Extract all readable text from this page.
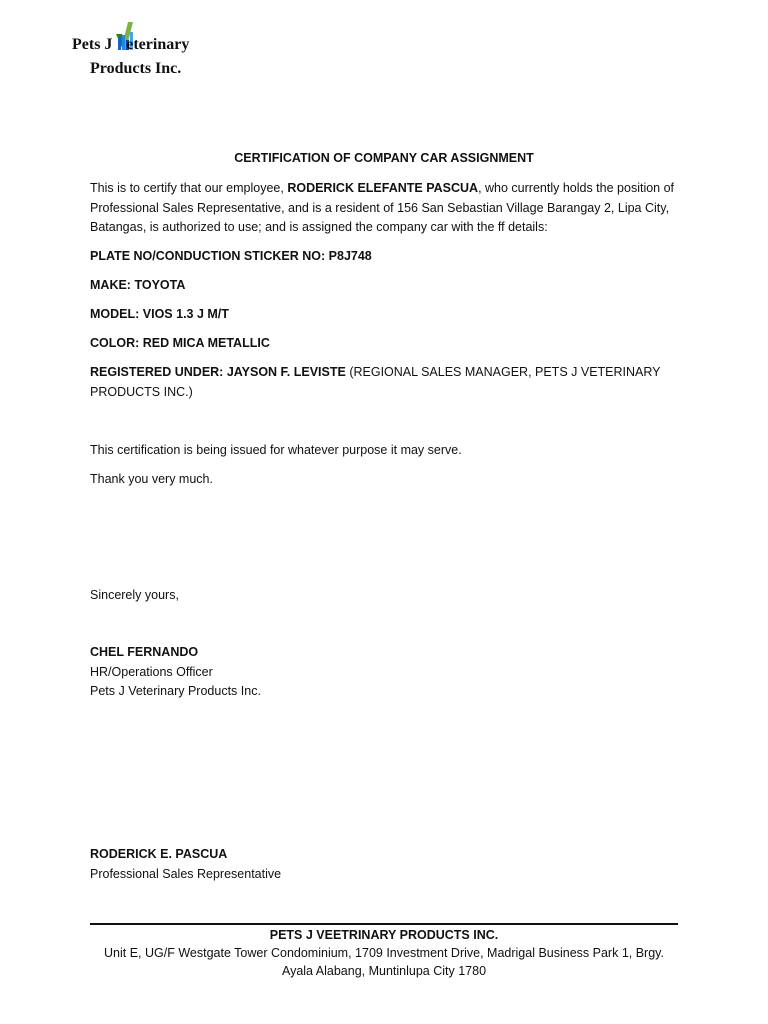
Pets J eterinary
Products Inc.
CERTIFICATION OF COMPANY CAR ASSIGNMENT
This is to certify that our employee, RODERICK ELEFANTE PASCUA, who currently holds the position of Professional Sales Representative, and is a resident of 156 San Sebastian Village Barangay 2, Lipa City, Batangas, is authorized to use; and is assigned the company car with the ff details:
PLATE NO/CONDUCTION STICKER NO: P8J748
MAKE: TOYOTA
MODEL: VIOS 1.3 J M/T
COLOR: RED MICA METALLIC
REGISTERED UNDER: JAYSON F. LEVISTE (REGIONAL SALES MANAGER, PETS J VETERINARY PRODUCTS INC.)
This certification is being issued for whatever purpose it may serve.
Thank you very much.
Sincerely yours,
CHEL FERNANDO
HR/Operations Officer
Pets J Veterinary Products Inc.
RODERICK E. PASCUA
Professional Sales Representative
PETS J VEETRINARY PRODUCTS INC.
Unit E, UG/F Westgate Tower Condominium, 1709 Investment Drive, Madrigal Business Park 1, Brgy.
Ayala Alabang, Muntinlupa City 1780
